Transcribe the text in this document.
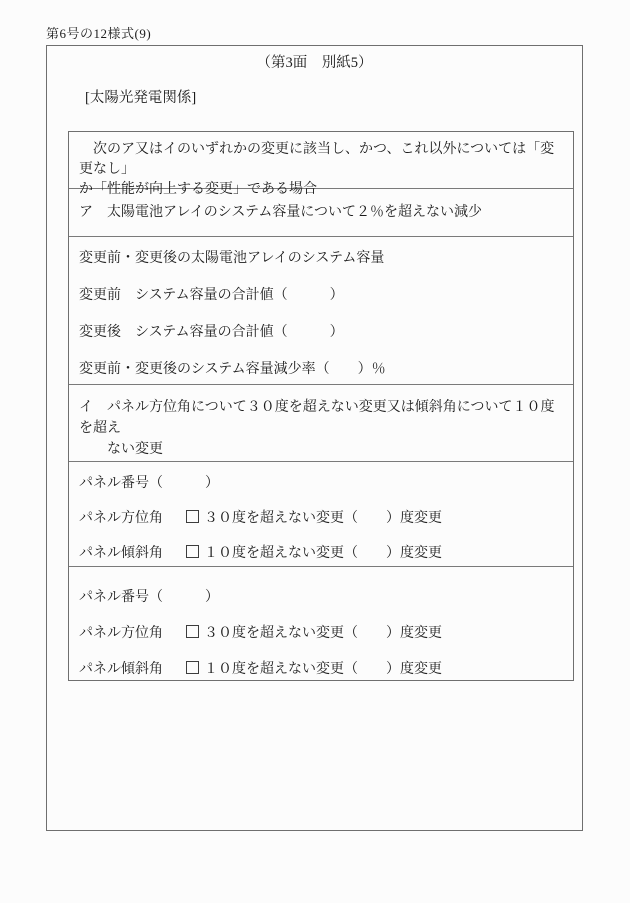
第6号の12様式(9)
（第3面　別紙5）
[太陽光発電関係]

　次のア又はイのいずれかの変更に該当し、かつ、これ以外については「変更なし」

か「性能が向上する変更」である場合

ア　太陽電池アレイのシステム容量について２％を超えない減少

変更前・変更後の太陽電池アレイのシステム容量

変更前　システム容量の合計値（　　　）

変更後　システム容量の合計値（　　　）

変更前・変更後のシステム容量減少率（　　）％

イ　パネル方位角について３０度を超えない変更又は傾斜角について１０度を超え

　　ない変更

パネル番号（　　　）

パネル方位角	３０度を超えない変更（　　）度変更

パネル傾斜角	１０度を超えない変更（　　）度変更

パネル番号（　　　）

パネル方位角	３０度を超えない変更（　　）度変更

パネル傾斜角	１０度を超えない変更（　　）度変更
